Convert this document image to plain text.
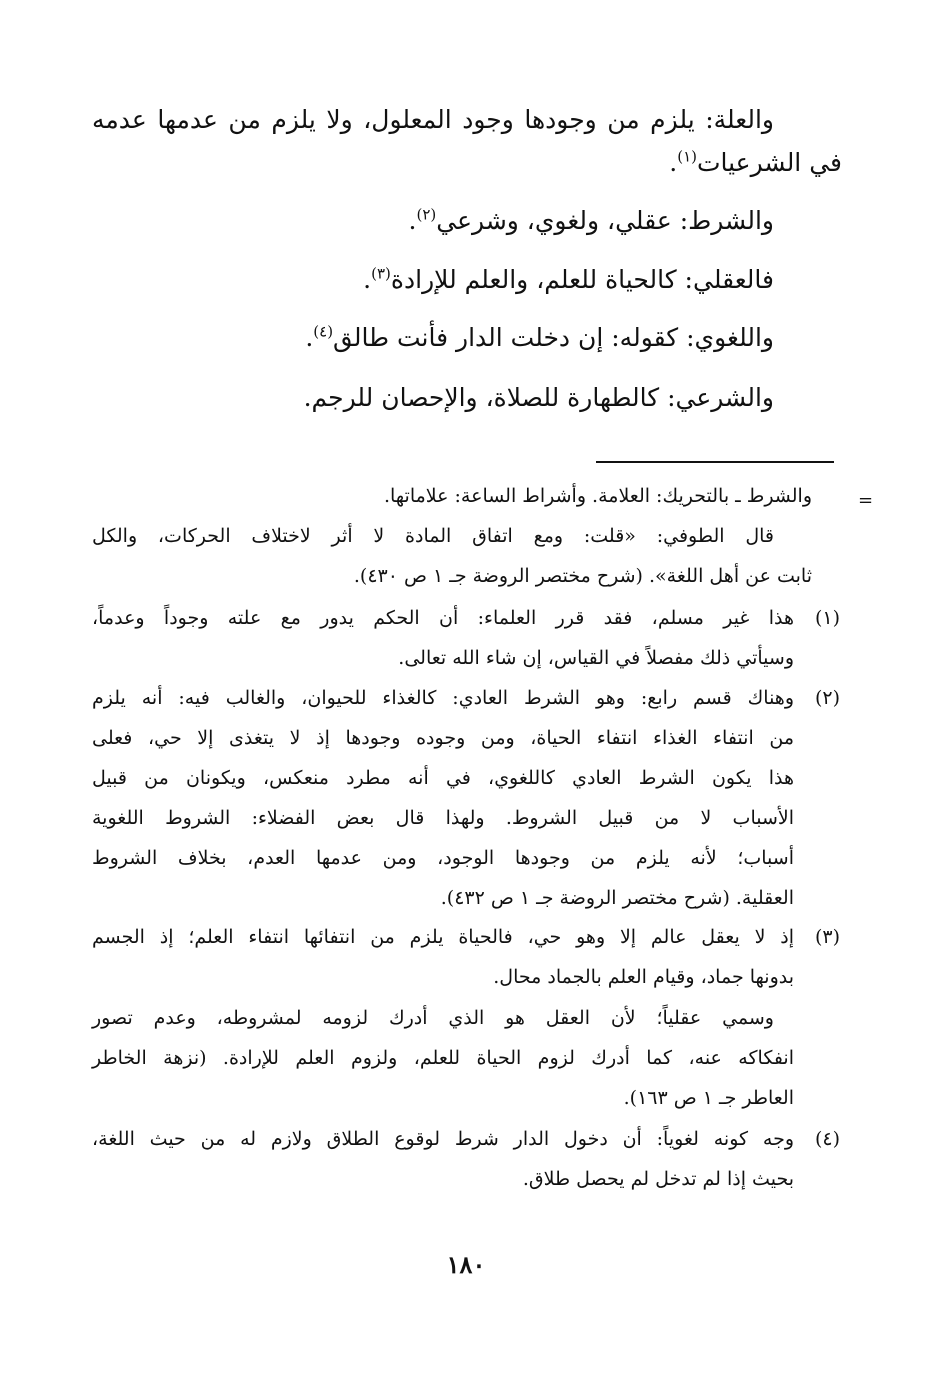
والعلة: يلزم من وجودها وجود المعلول، ولا يلزم من عدمها عدمه
في الشرعيات$^{(١)}$.
والشرط: عقلي، ولغوي، وشرعي$^{(٢)}$.
فالعقلي: كالحياة للعلم، والعلم للإرادة$^{(٣)}$.
واللغوي: كقوله: إن دخلت الدار فأنت طالق$^{(٤)}$.
والشرعي: كالطهارة للصلاة، والإحصان للرجم.
=
والشرط ـ بالتحريك: العلامة. وأشراط الساعة: علاماتها.
قال الطوفي: «قلت: ومع اتفاق المادة لا أثر لاختلاف الحركات، والكل
ثابت عن أهل اللغة». (شرح مختصر الروضة جـ ١ ص ٤٣٠).
(١)
هذا غير مسلم، فقد قرر العلماء: أن الحكم يدور مع علته وجوداً وعدماً،
وسيأتي ذلك مفصلاً في القياس، إن شاء الله تعالى.
(٢)
وهناك قسم رابع: وهو الشرط العادي: كالغذاء للحيوان، والغالب فيه: أنه يلزم
من انتفاء الغذاء انتفاء الحياة، ومن وجوده وجودها إذ لا يتغذى إلا حي، فعلى
هذا يكون الشرط العادي كاللغوي، في أنه مطرد منعكس، ويكونان من قبيل
الأسباب لا من قبيل الشروط. ولهذا قال بعض الفضلاء: الشروط اللغوية
أسباب؛ لأنه يلزم من وجودها الوجود، ومن عدمها العدم، بخلاف الشروط
العقلية. (شرح مختصر الروضة جـ ١ ص ٤٣٢).
(٣)
إذ لا يعقل عالم إلا وهو حي، فالحياة يلزم من انتفائها انتفاء العلم؛ إذ الجسم
بدونها جماد، وقيام العلم بالجماد محال.
وسمي عقلياً؛ لأن العقل هو الذي أدرك لزومه لمشروطه، وعدم تصور
انفكاكه عنه، كما أدرك لزوم الحياة للعلم، ولزوم العلم للإرادة. (نزهة الخاطر
العاطر جـ ١ ص ١٦٣).
(٤)
وجه كونه لغوياً: أن دخول الدار شرط لوقوع الطلاق ولازم له من حيث اللغة،
بحيث إذا لم تدخل لم يحصل طلاق.
١٨٠
